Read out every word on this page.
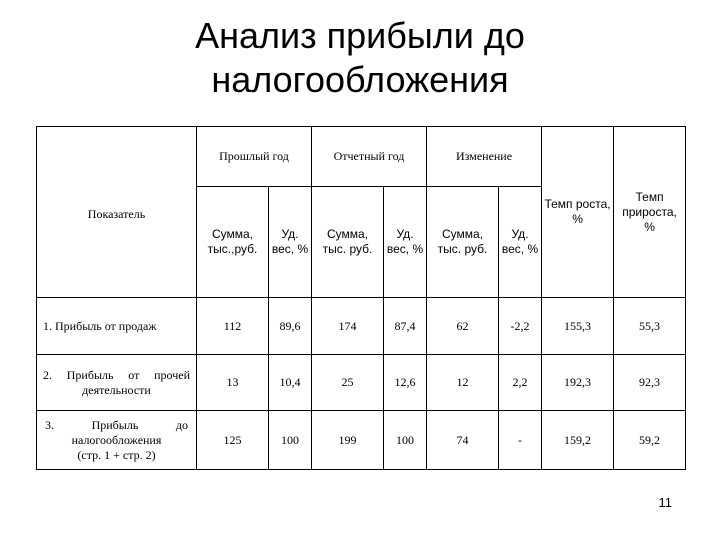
Анализ прибыли до
налогообложения
Показатель	Прошлый год		Отчетный год		Изменение		Темп роста, %	Темп прироста, %
	Сумма, тыс.,руб.	Уд. вес, %	Сумма, тыс. руб.	Уд. вес, %	Сумма, тыс. руб.	Уд. вес, %		
1. Прибыль от продаж	112	89,6	174	87,4	62	-2,2	155,3	55,3
2. Прибыль от прочей деятельности	13	10,4	25	12,6	12	2,2	192,3	92,3

3. Прибыль до
налогообложения
(стр. 1 + стр. 2)	125	100	199	100	74	-	159,2	59,2
11
